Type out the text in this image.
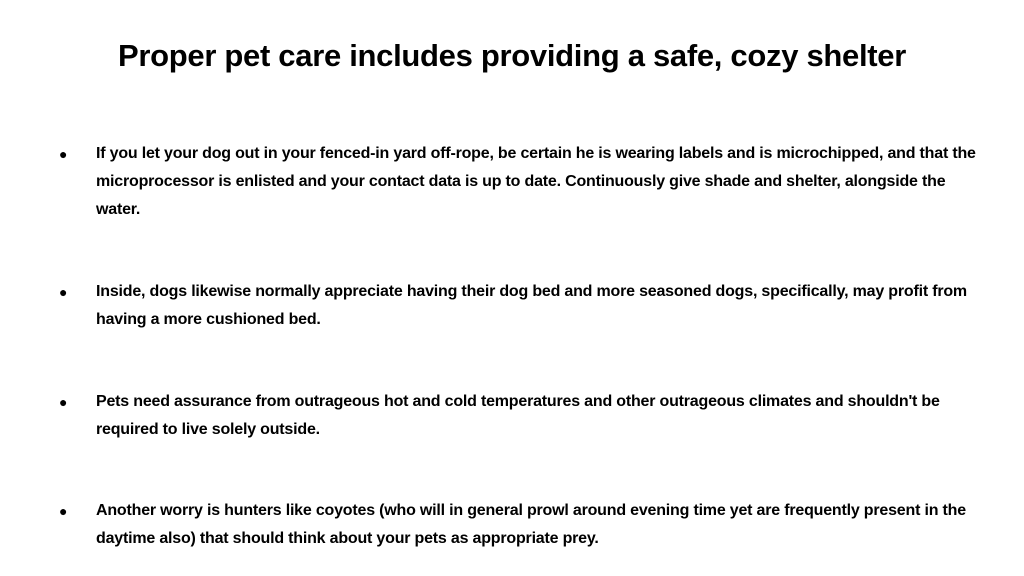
Proper pet care includes providing a safe, cozy shelter
● If you let your dog out in your fenced-in yard off-rope, be certain he is wearing labels and is microchipped, and that the microprocessor is enlisted and your contact data is up to date. Continuously give shade and shelter, alongside the water.
● Inside, dogs likewise normally appreciate having their dog bed and more seasoned dogs, specifically, may profit from having a more cushioned bed.
● Pets need assurance from outrageous hot and cold temperatures and other outrageous climates and shouldn't be required to live solely outside.
● Another worry is hunters like coyotes (who will in general prowl around evening time yet are frequently present in the daytime also) that should think about your pets as appropriate prey.
